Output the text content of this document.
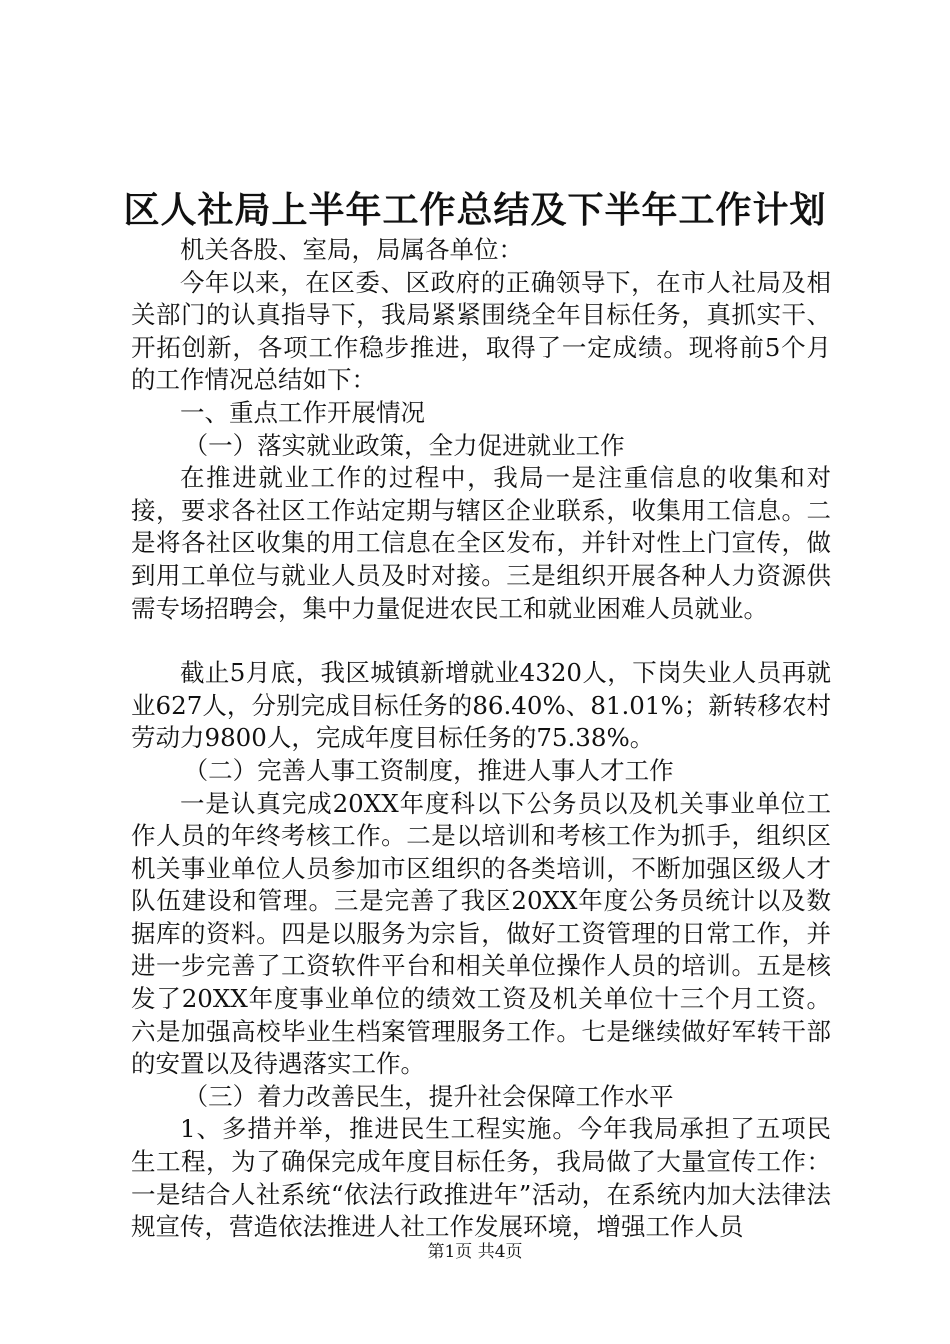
区人社局上半年工作总结及下半年工作计划

机关各股、室局，局属各单位：

今年以来，在区委、区政府的正确领导下，在市人社局及相关部门的认真指导下，我局紧紧围绕全年目标任务，真抓实干、开拓创新，各项工作稳步推进，取得了一定成绩。现将前5个月的工作情况总结如下：

一、重点工作开展情况

（一）落实就业政策，全力促进就业工作

在推进就业工作的过程中，我局一是注重信息的收集和对接，要求各社区工作站定期与辖区企业联系，收集用工信息。二是将各社区收集的用工信息在全区发布，并针对性上门宣传，做到用工单位与就业人员及时对接。三是组织开展各种人力资源供需专场招聘会，集中力量促进农民工和就业困难人员就业。

截止5月底，我区城镇新增就业4320人，下岗失业人员再就业627人，分别完成目标任务的86.40%、81.01%；新转移农村劳动力9800人，完成年度目标任务的75.38%。

（二）完善人事工资制度，推进人事人才工作

一是认真完成20XX年度科以下公务员以及机关事业单位工作人员的年终考核工作。二是以培训和考核工作为抓手，组织区机关事业单位人员参加市区组织的各类培训，不断加强区级人才队伍建设和管理。三是完善了我区20XX年度公务员统计以及数据库的资料。四是以服务为宗旨，做好工资管理的日常工作，并进一步完善了工资软件平台和相关单位操作人员的培训。五是核发了20XX年度事业单位的绩效工资及机关单位十三个月工资。六是加强高校毕业生档案管理服务工作。七是继续做好军转干部的安置以及待遇落实工作。

（三）着力改善民生，提升社会保障工作水平

1、多措并举，推进民生工程实施。今年我局承担了五项民生工程，为了确保完成年度目标任务，我局做了大量宣传工作：一是结合人社系统“依法行政推进年”活动，在系统内加大法律法规宣传，营造依法推进人社工作发展环境，增强工作人员

第1页 共4页
